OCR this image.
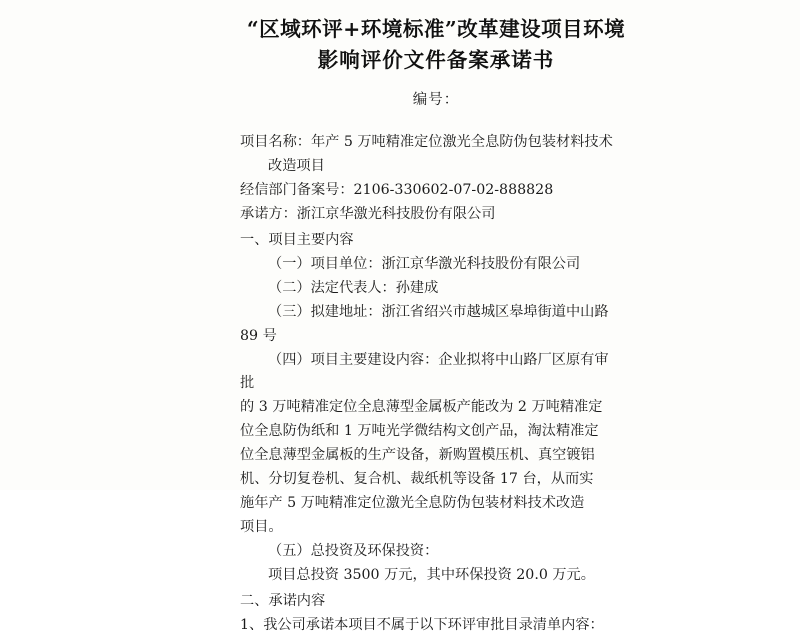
“区域环评+环境标准”改革建设项目环境
影响评价文件备案承诺书
编号：
项目名称：年产 5 万吨精准定位激光全息防伪包装材料技术
改造项目
经信部门备案号：2106-330602-07-02-888828
承诺方：浙江京华激光科技股份有限公司
一、项目主要内容
（一）项目单位：浙江京华激光科技股份有限公司
（二）法定代表人：孙建成
（三）拟建地址：浙江省绍兴市越城区皋埠街道中山路
89 号
（四）项目主要建设内容：企业拟将中山路厂区原有审批
的 3 万吨精准定位全息薄型金属板产能改为 2 万吨精准定
位全息防伪纸和 1 万吨光学微结构文创产品，淘汰精准定
位全息薄型金属板的生产设备，新购置模压机、真空镀铝
机、分切复卷机、复合机、裁纸机等设备 17 台，从而实
施年产 5 万吨精准定位激光全息防伪包装材料技术改造
项目。
（五）总投资及环保投资：
项目总投资 3500 万元，其中环保投资 20.0 万元。
二、承诺内容
1、我公司承诺本项目不属于以下环评审批目录清单内容：
